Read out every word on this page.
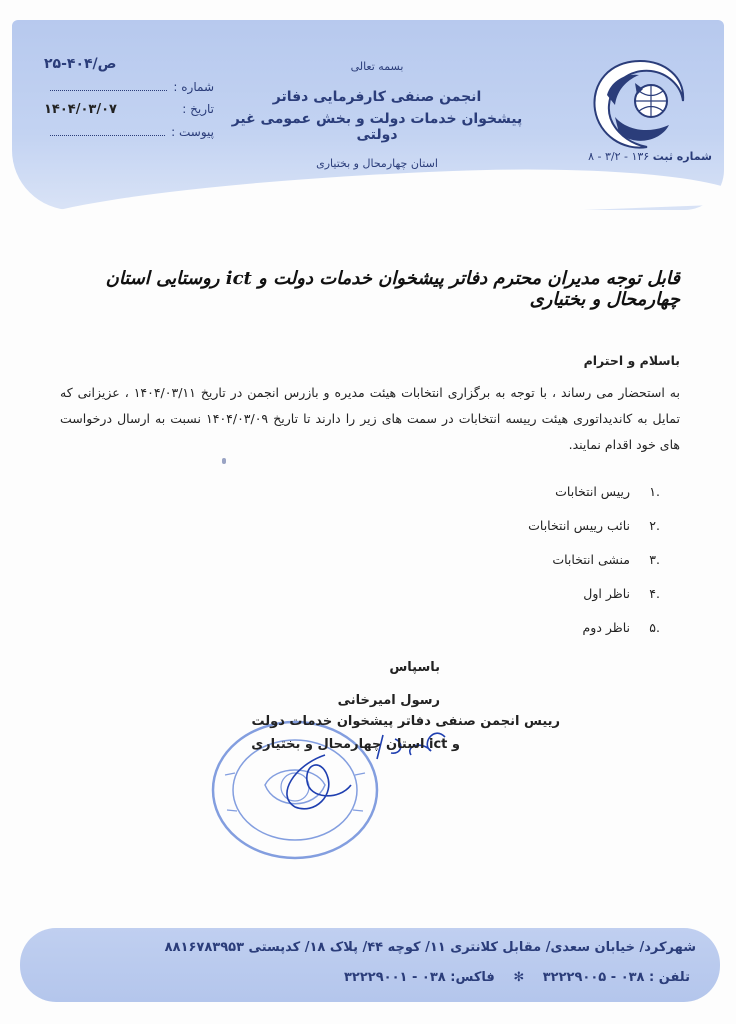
بسمه تعالی
انجمن صنفی کارفرمایی دفاتر
پیشخوان خدمات دولت و بخش عمومی غیر دولتی
استان چهارمحال و بختیاری
۲۵-۴۰۴/ص
شماره :
تاریخ :
۱۴۰۴/۰۳/۰۷
پیوست :
شماره ثبت ۱۳۶ - ۳/۲ - ۸
قابل توجه مدیران محترم دفاتر پیشخوان خدمات دولت و ict روستایی استان چهارمحال و بختیاری
باسلام و احترام
به استحضار می رساند ، با توجه به برگزاری انتخابات هیئت مدیره و بازرس انجمن در تاریخ ۱۴۰۴/۰۳/۱۱ ، عزیزانی که تمایل به کاندیداتوری هیئت رییسه انتخابات در سمت های زیر را دارند تا تاریخ ۱۴۰۴/۰۳/۰۹ نسبت به ارسال درخواست های خود اقدام نمایند.
.۱
رییس انتخابات
.۲
نائب رییس انتخابات
.۳
منشی انتخابات
.۴
ناظر اول
.۵
ناظر دوم
باسپاس
رسول امیرخانی
رییس انجمن صنفی دفاتر پیشخوان خدمات دولت
و ict استان چهارمحال و بختیاری
شهرکرد/ خیابان سعدی/ مقابل کلانتری ۱۱/ کوچه ۴۴/ پلاک ۱۸/ کدپستی ۸۸۱۶۷۸۳۹۵۳
تلفن : ۰۳۸ - ۳۲۲۲۹۰۰۵ ✻ فاکس: ۰۳۸ - ۳۲۲۲۹۰۰۱
